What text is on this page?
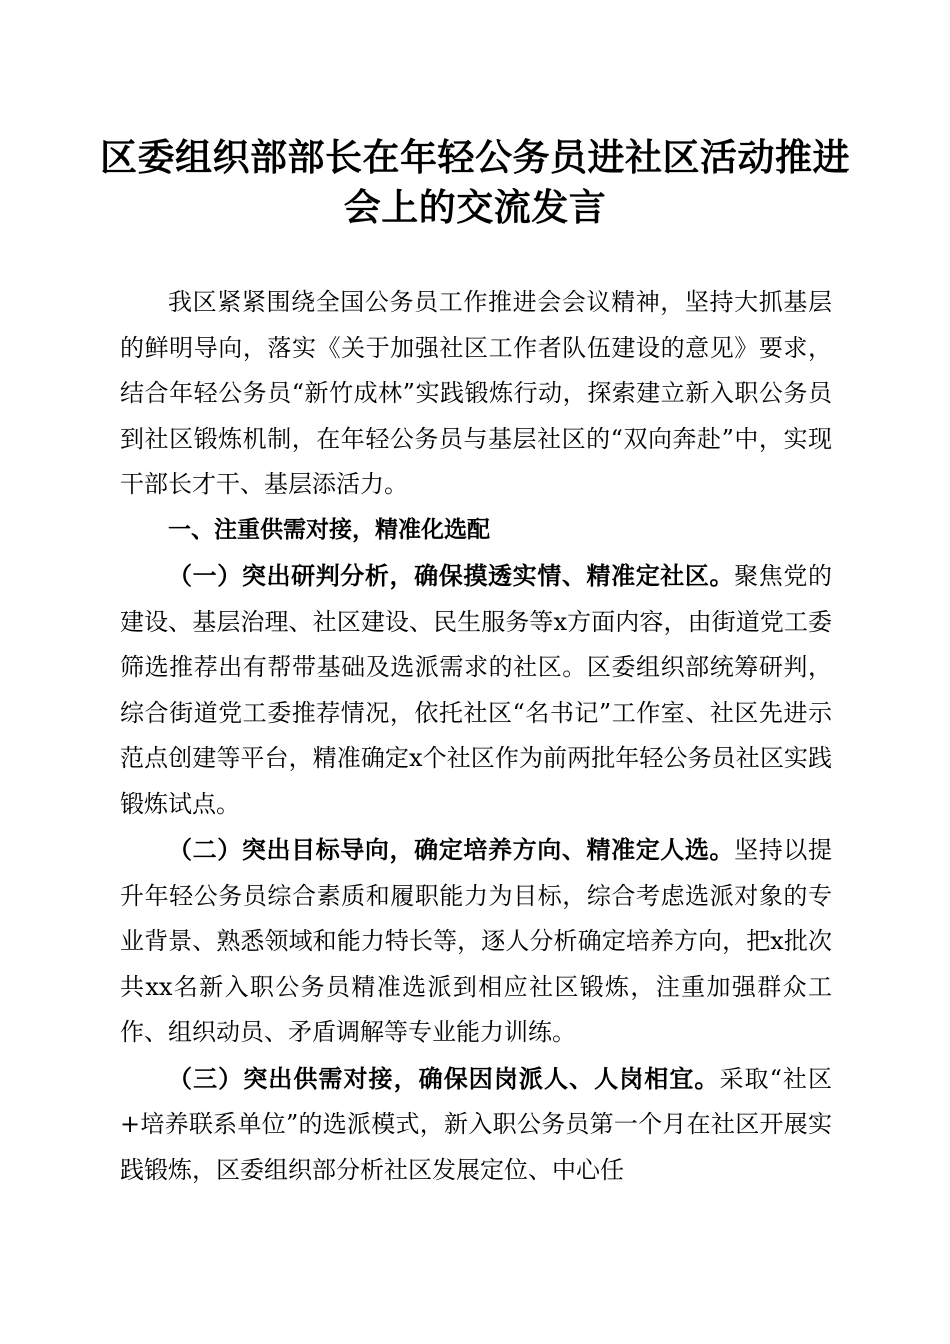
区委组织部部长在年轻公务员进社区活动推进
会上的交流发言

我区紧紧围绕全国公务员工作推进会会议精神，坚持大抓基层的鲜明导向，落实《关于加强社区工作者队伍建设的意见》要求，结合年轻公务员“新竹成林”实践锻炼行动，探索建立新入职公务员到社区锻炼机制，在年轻公务员与基层社区的“双向奔赴”中，实现干部长才干、基层添活力。

一、注重供需对接，精准化选配

（一）突出研判分析，确保摸透实情、精准定社区。聚焦党的建设、基层治理、社区建设、民生服务等x方面内容，由街道党工委筛选推荐出有帮带基础及选派需求的社区。区委组织部统筹研判，综合街道党工委推荐情况，依托社区“名书记”工作室、社区先进示范点创建等平台，精准确定x个社区作为前两批年轻公务员社区实践锻炼试点。

（二）突出目标导向，确定培养方向、精准定人选。坚持以提升年轻公务员综合素质和履职能力为目标，综合考虑选派对象的专业背景、熟悉领域和能力特长等，逐人分析确定培养方向，把x批次共xx名新入职公务员精准选派到相应社区锻炼，注重加强群众工作、组织动员、矛盾调解等专业能力训练。

（三）突出供需对接，确保因岗派人、人岗相宜。采取“社区+培养联系单位”的选派模式，新入职公务员第一个月在社区开展实践锻炼，区委组织部分析社区发展定位、中心任
